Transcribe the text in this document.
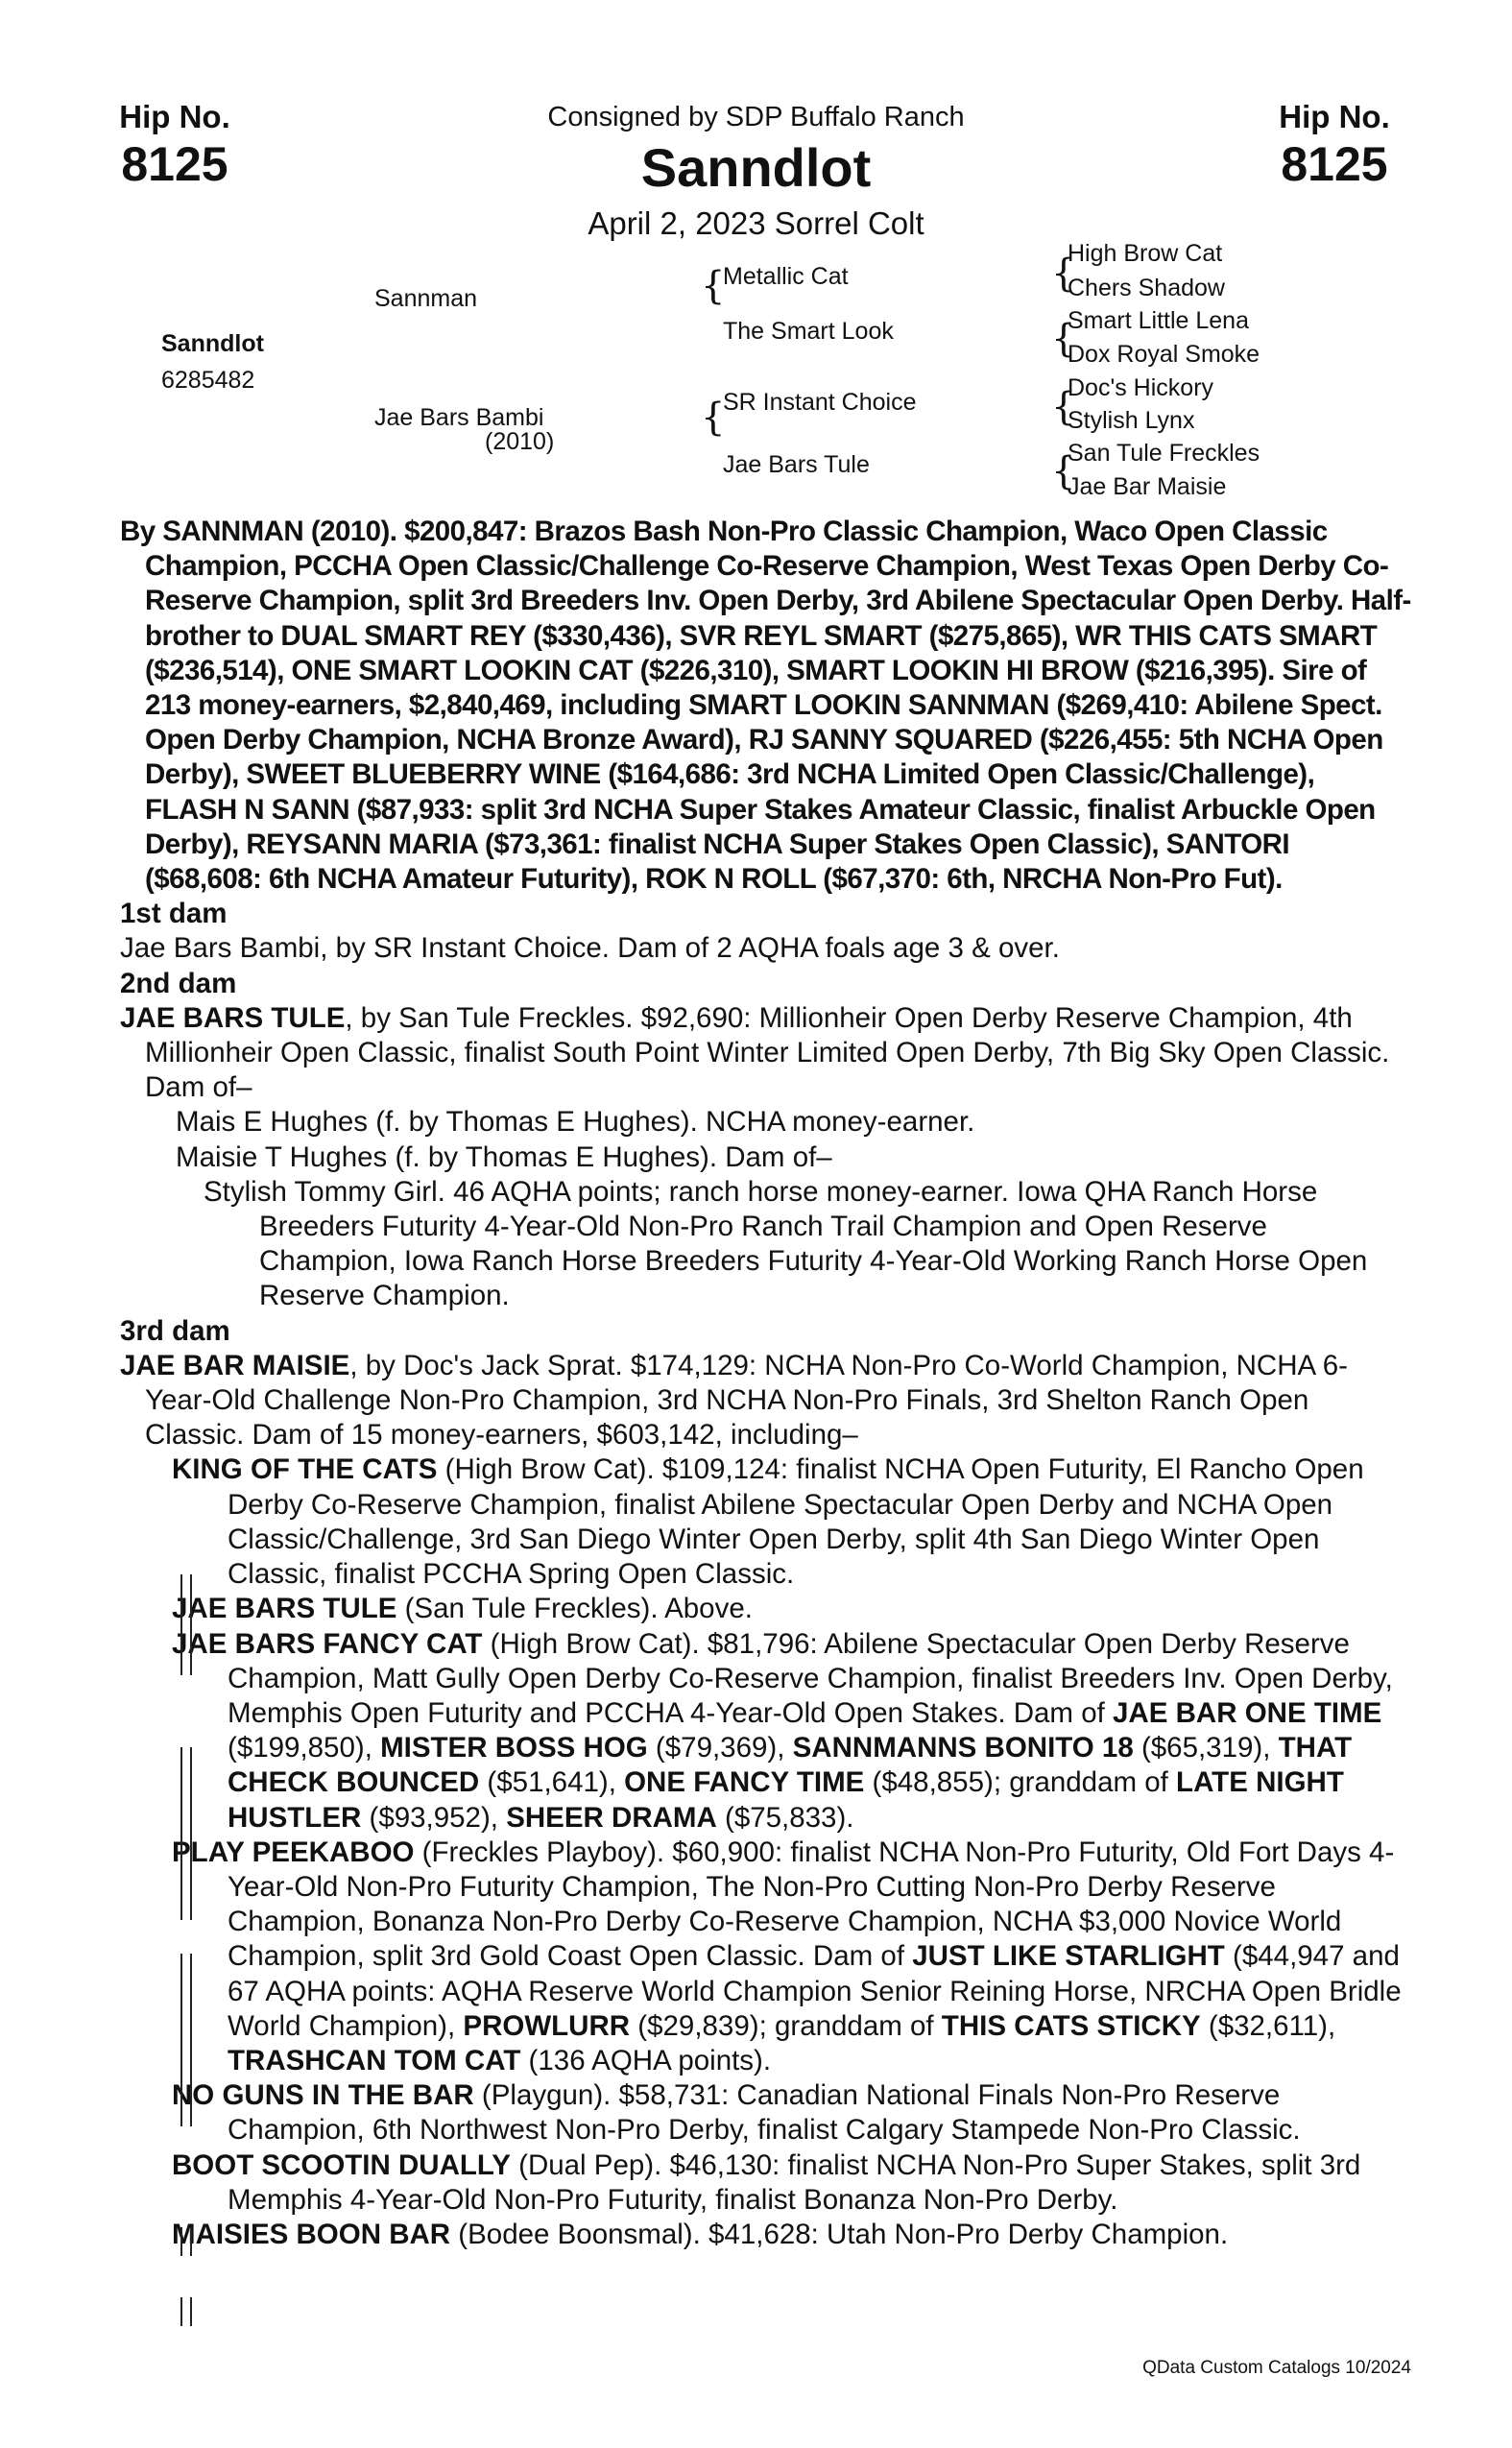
Hip No.
8125
Hip No.
8125
Consigned by SDP Buffalo Ranch
Sanndlot
April 2, 2023 Sorrel Colt
Sanndlot
6285482
Sannman
Jae Bars Bambi
(2010)
{
Metallic Cat
The Smart Look
{
SR Instant Choice
Jae Bars Tule
{
High Brow Cat
Chers Shadow
{
Smart Little Lena
Dox Royal Smoke
{
Doc's Hickory
Stylish Lynx
{
San Tule Freckles
Jae Bar Maisie

By SANNMAN (2010). $200,847: Brazos Bash Non-Pro Classic Champion, Waco Open Classic Champion, PCCHA Open Classic/Challenge Co-Reserve Champion, West Texas Open Derby Co-Reserve Champion, split 3rd Breeders Inv. Open Derby, 3rd Abilene Spectacular Open Derby. Half-brother to DUAL SMART REY ($330,436), SVR REYL SMART ($275,865), WR THIS CATS SMART ($236,514), ONE SMART LOOKIN CAT ($226,310), SMART LOOKIN HI BROW ($216,395). Sire of 213 money-earners, $2,840,469, including SMART LOOKIN SANNMAN ($269,410: Abilene Spect. Open Derby Champion, NCHA Bronze Award), RJ SANNY SQUARED ($226,455: 5th NCHA Open Derby), SWEET BLUEBERRY WINE ($164,686: 3rd NCHA Limited Open Classic/Challenge), FLASH N SANN ($87,933: split 3rd NCHA Super Stakes Amateur Classic, finalist Arbuckle Open Derby), REYSANN MARIA ($73,361: finalist NCHA Super Stakes Open Classic), SANTORI ($68,608: 6th NCHA Amateur Futurity), ROK N ROLL ($67,370: 6th, NRCHA Non-Pro Fut).

1st dam

Jae Bars Bambi, by SR Instant Choice. Dam of 2 AQHA foals age 3 & over.

2nd dam

JAE BARS TULE, by San Tule Freckles. $92,690: Millionheir Open Derby Reserve Champion, 4th Millionheir Open Classic, finalist South Point Winter Limited Open Derby, 7th Big Sky Open Classic. Dam of–

Mais E Hughes (f. by Thomas E Hughes). NCHA money-earner.

Maisie T Hughes (f. by Thomas E Hughes). Dam of–

Stylish Tommy Girl. 46 AQHA points; ranch horse money-earner. Iowa QHA Ranch Horse Breeders Futurity 4-Year-Old Non-Pro Ranch Trail Champion and Open Reserve Champion, Iowa Ranch Horse Breeders Futurity 4-Year-Old Working Ranch Horse Open Reserve Champion.

3rd dam

JAE BAR MAISIE, by Doc's Jack Sprat. $174,129: NCHA Non-Pro Co-World Champion, NCHA 6-Year-Old Challenge Non-Pro Champion, 3rd NCHA Non-Pro Finals, 3rd Shelton Ranch Open Classic. Dam of 15 money-earners, $603,142, including–

KING OF THE CATS (High Brow Cat). $109,124: finalist NCHA Open Futurity, El Rancho Open Derby Co-Reserve Champion, finalist Abilene Spectacular Open Derby and NCHA Open Classic/Challenge, 3rd San Diego Winter Open Derby, split 4th San Diego Winter Open Classic, finalist PCCHA Spring Open Classic.

JAE BARS TULE (San Tule Freckles). Above.

JAE BARS FANCY CAT (High Brow Cat). $81,796: Abilene Spectacular Open Derby Reserve Champion, Matt Gully Open Derby Co-Reserve Champion, finalist Breeders Inv. Open Derby, Memphis Open Futurity and PCCHA 4-Year-Old Open Stakes. Dam of JAE BAR ONE TIME ($199,850), MISTER BOSS HOG ($79,369), SANNMANNS BONITO 18 ($65,319), THAT CHECK BOUNCED ($51,641), ONE FANCY TIME ($48,855); granddam of LATE NIGHT HUSTLER ($93,952), SHEER DRAMA ($75,833).

PLAY PEEKABOO (Freckles Playboy). $60,900: finalist NCHA Non-Pro Futurity, Old Fort Days 4-Year-Old Non-Pro Futurity Champion, The Non-Pro Cutting Non-Pro Derby Reserve Champion, Bonanza Non-Pro Derby Co-Reserve Champion, NCHA $3,000 Novice World Champion, split 3rd Gold Coast Open Classic. Dam of JUST LIKE STARLIGHT ($44,947 and 67 AQHA points: AQHA Reserve World Champion Senior Reining Horse, NRCHA Open Bridle World Champion), PROWLURR ($29,839); granddam of THIS CATS STICKY ($32,611), TRASHCAN TOM CAT (136 AQHA points).

NO GUNS IN THE BAR (Playgun). $58,731: Canadian National Finals Non-Pro Reserve Champion, 6th Northwest Non-Pro Derby, finalist Calgary Stampede Non-Pro Classic.

BOOT SCOOTIN DUALLY (Dual Pep). $46,130: finalist NCHA Non-Pro Super Stakes, split 3rd Memphis 4-Year-Old Non-Pro Futurity, finalist Bonanza Non-Pro Derby.

MAISIES BOON BAR (Bodee Boonsmal). $41,628: Utah Non-Pro Derby Champion.

QData Custom Catalogs 10/2024
